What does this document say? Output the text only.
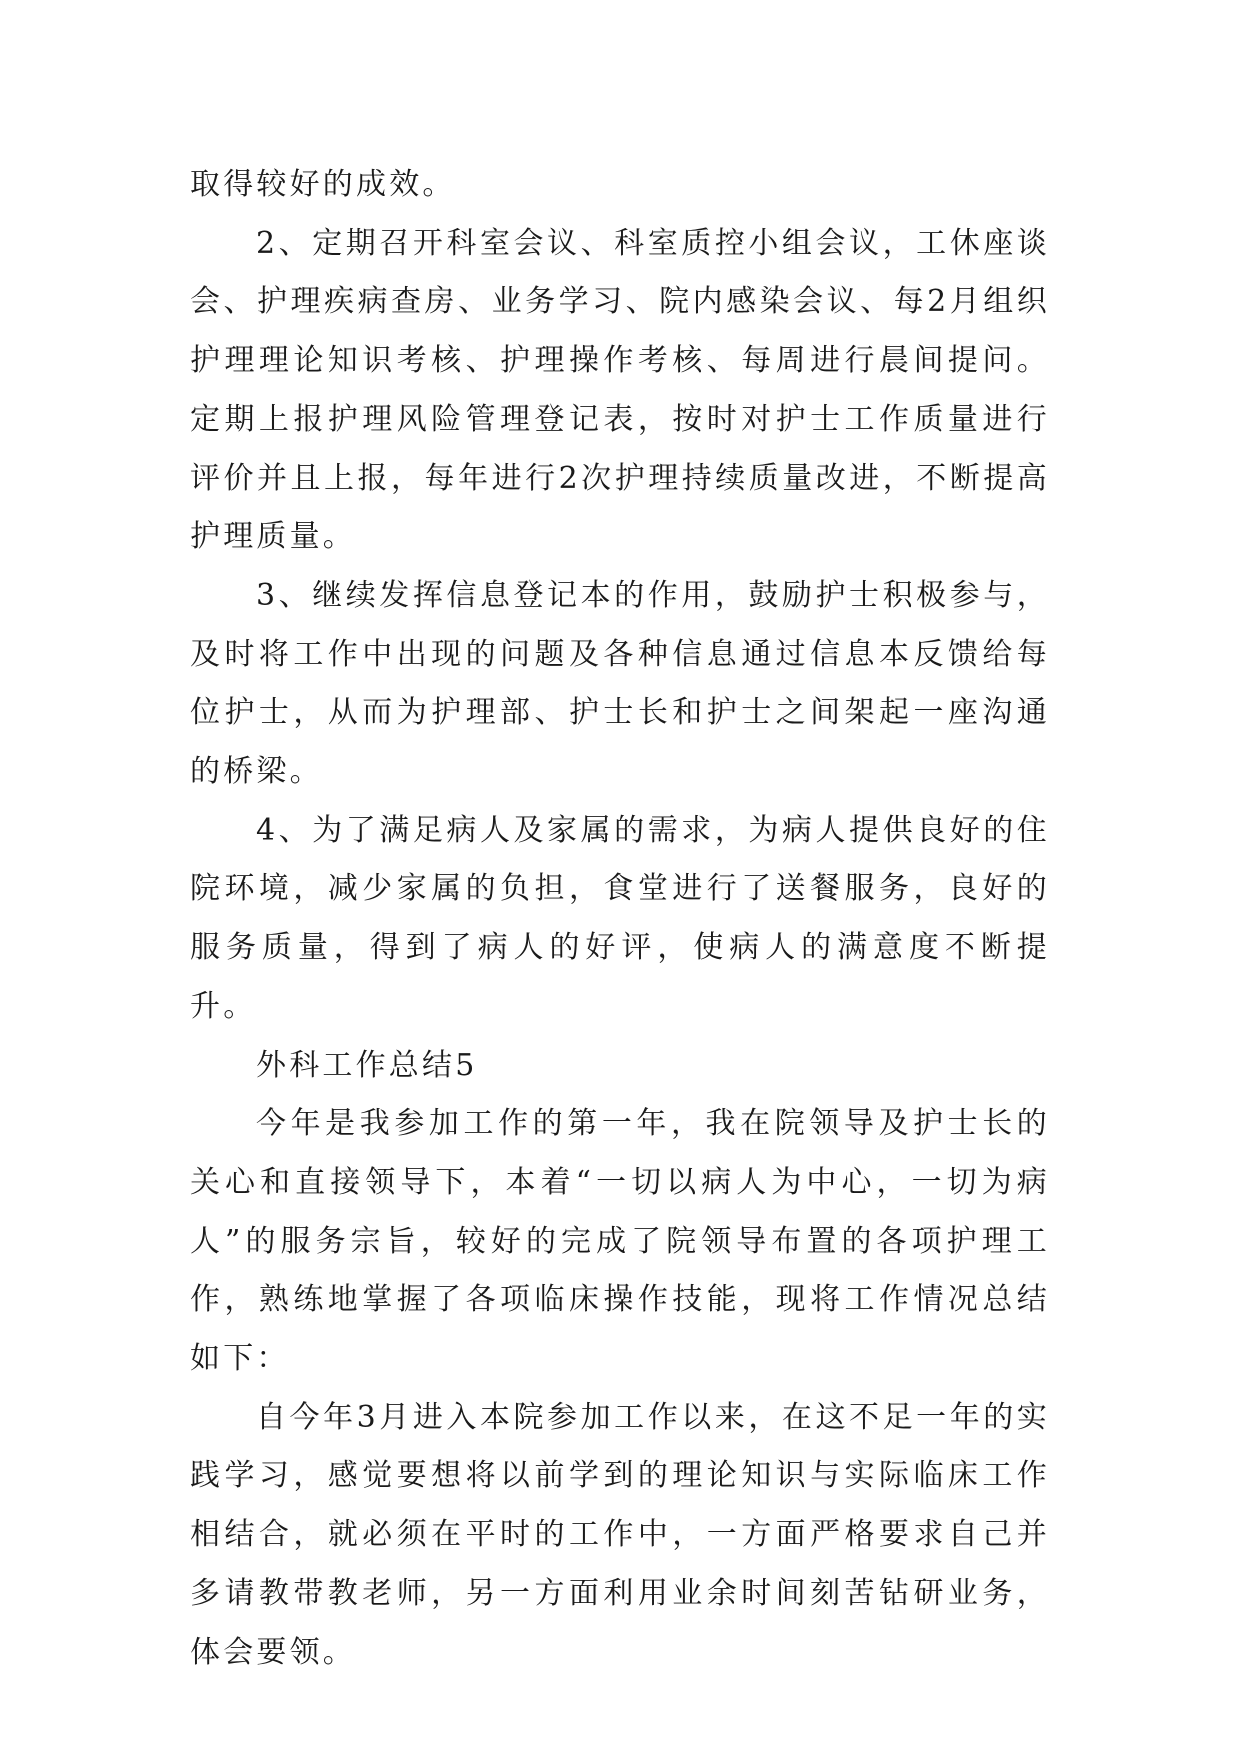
取得较好的成效。

2、定期召开科室会议、科室质控小组会议，工休座谈会、护理疾病查房、业务学习、院内感染会议、每2月组织护理理论知识考核、护理操作考核、每周进行晨间提问。定期上报护理风险管理登记表，按时对护士工作质量进行评价并且上报，每年进行2次护理持续质量改进，不断提高护理质量。

3、继续发挥信息登记本的作用，鼓励护士积极参与，及时将工作中出现的问题及各种信息通过信息本反馈给每位护士，从而为护理部、护士长和护士之间架起一座沟通的桥梁。

4、为了满足病人及家属的需求，为病人提供良好的住院环境，减少家属的负担，食堂进行了送餐服务，良好的服务质量，得到了病人的好评，使病人的满意度不断提升。

外科工作总结5

今年是我参加工作的第一年，我在院领导及护士长的关心和直接领导下，本着“一切以病人为中心，一切为病人”的服务宗旨，较好的完成了院领导布置的各项护理工作，熟练地掌握了各项临床操作技能，现将工作情况总结如下：

自今年3月进入本院参加工作以来，在这不足一年的实践学习，感觉要想将以前学到的理论知识与实际临床工作相结合，就必须在平时的工作中，一方面严格要求自己并多请教带教老师，另一方面利用业余时间刻苦钻研业务，体会要领。
